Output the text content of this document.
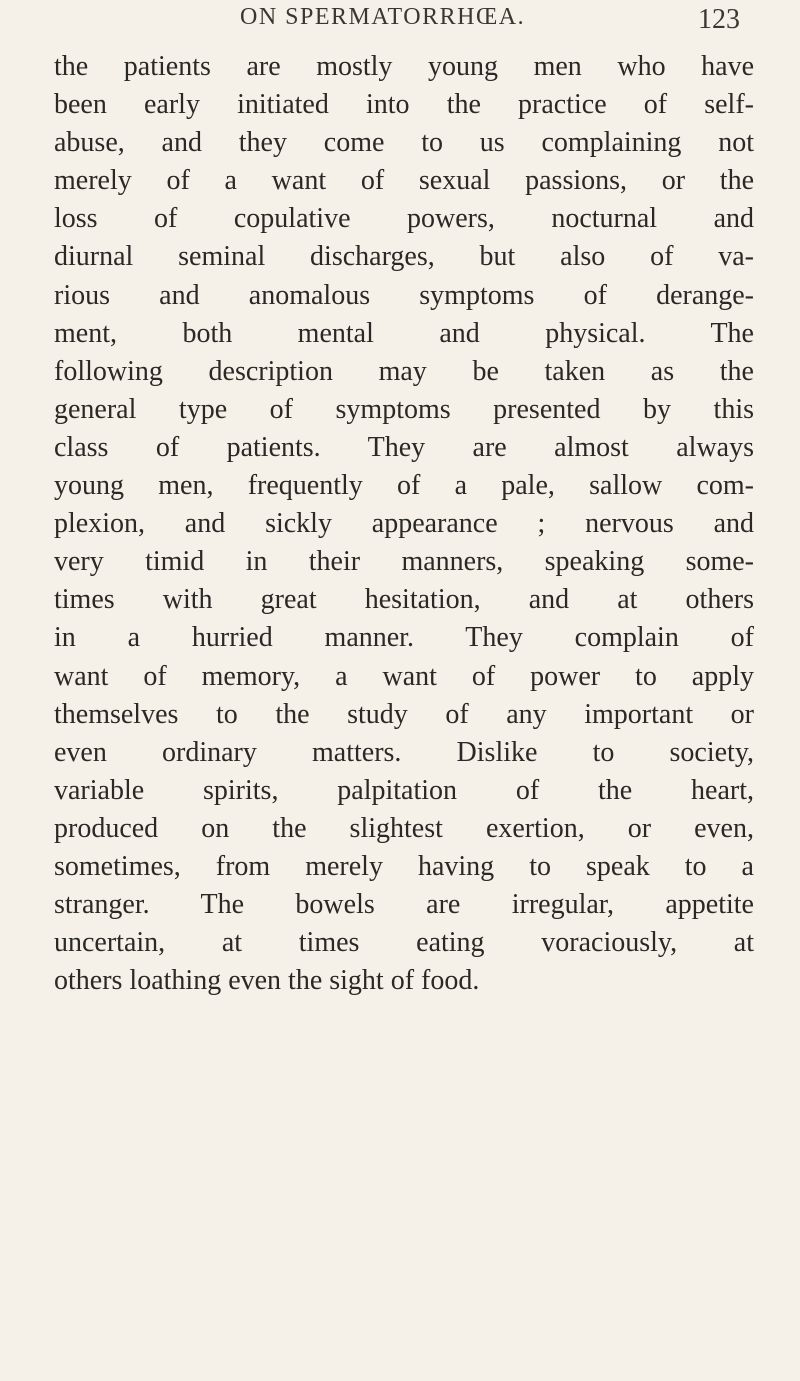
ON SPERMATORRHŒA.	123
the patients are mostly young men who have
been early initiated into the practice of self-
abuse, and they come to us complaining not
merely of a want of sexual passions, or the
loss of copulative powers, nocturnal and
diurnal seminal discharges, but also of va-
rious and anomalous symptoms of derange-
ment, both mental and physical. The
following description may be taken as the
general type of symptoms presented by this
class of patients. They are almost always
young men, frequently of a pale, sallow com-
plexion, and sickly appearance ; nervous and
very timid in their manners, speaking some-
times with great hesitation, and at others
in a hurried manner. They complain of
want of memory, a want of power to apply
themselves to the study of any important or
even ordinary matters. Dislike to society,
variable spirits, palpitation of the heart,
produced on the slightest exertion, or even,
sometimes, from merely having to speak to a
stranger. The bowels are irregular, appetite
uncertain, at times eating voraciously, at
others loathing even the sight of food.
